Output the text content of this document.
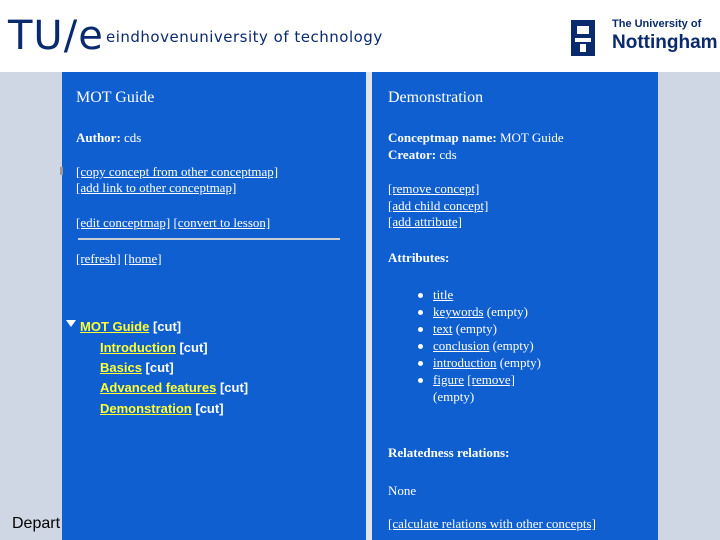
TU/e eindhovenuniversity of technology
The University of
Nottingham
Depart
MOT Guide
Author: cds
[copy concept from other conceptmap]
[add link to other conceptmap]
[edit conceptmap] [convert to lesson]
[refresh] [home]
MOT Guide [cut]
Introduction [cut]
Basics [cut]
Advanced features [cut]
Demonstration [cut]
Demonstration
Conceptmap name: MOT Guide
Creator: cds
[remove concept]
[add child concept]
[add attribute]
Attributes:
title
keywords (empty)
text (empty)
conclusion (empty)
introduction (empty)
figure [remove]
(empty)
Relatedness relations:
None
[calculate relations with other concepts]
